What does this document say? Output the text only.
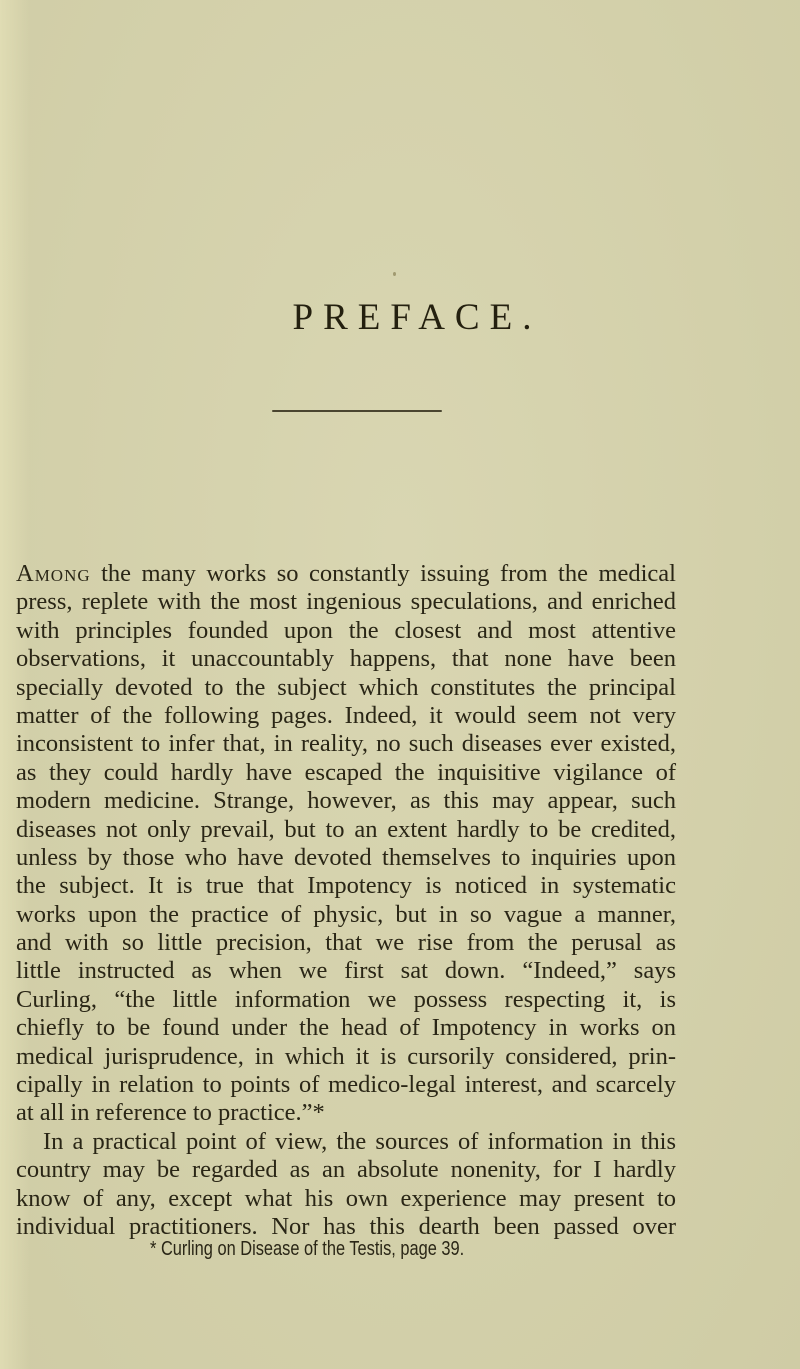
PREFACE.
Among the many works so constantly issuing from the medical
press, replete with the most ingenious speculations, and enriched
with principles founded upon the closest and most attentive
observations, it unaccountably happens, that none have been
specially devoted to the subject which constitutes the principal
matter of the following pages. Indeed, it would seem not very
inconsistent to infer that, in reality, no such diseases ever existed,
as they could hardly have escaped the inquisitive vigilance of
modern medicine. Strange, however, as this may appear, such
diseases not only prevail, but to an extent hardly to be credited,
unless by those who have devoted themselves to inquiries upon
the subject. It is true that Impotency is noticed in systematic
works upon the practice of physic, but in so vague a manner,
and with so little precision, that we rise from the perusal as
little instructed as when we first sat down. “Indeed,” says
Curling, “the little information we possess respecting it, is
chiefly to be found under the head of Impotency in works on
medical jurisprudence, in which it is cursorily considered, prin-
cipally in relation to points of medico-legal interest, and scarcely
at all in reference to practice.”*
In a practical point of view, the sources of information in this
country may be regarded as an absolute nonenity, for I hardly
know of any, except what his own experience may present to
individual practitioners. Nor has this dearth been passed over
* Curling on Disease of the Testis, page 39.
